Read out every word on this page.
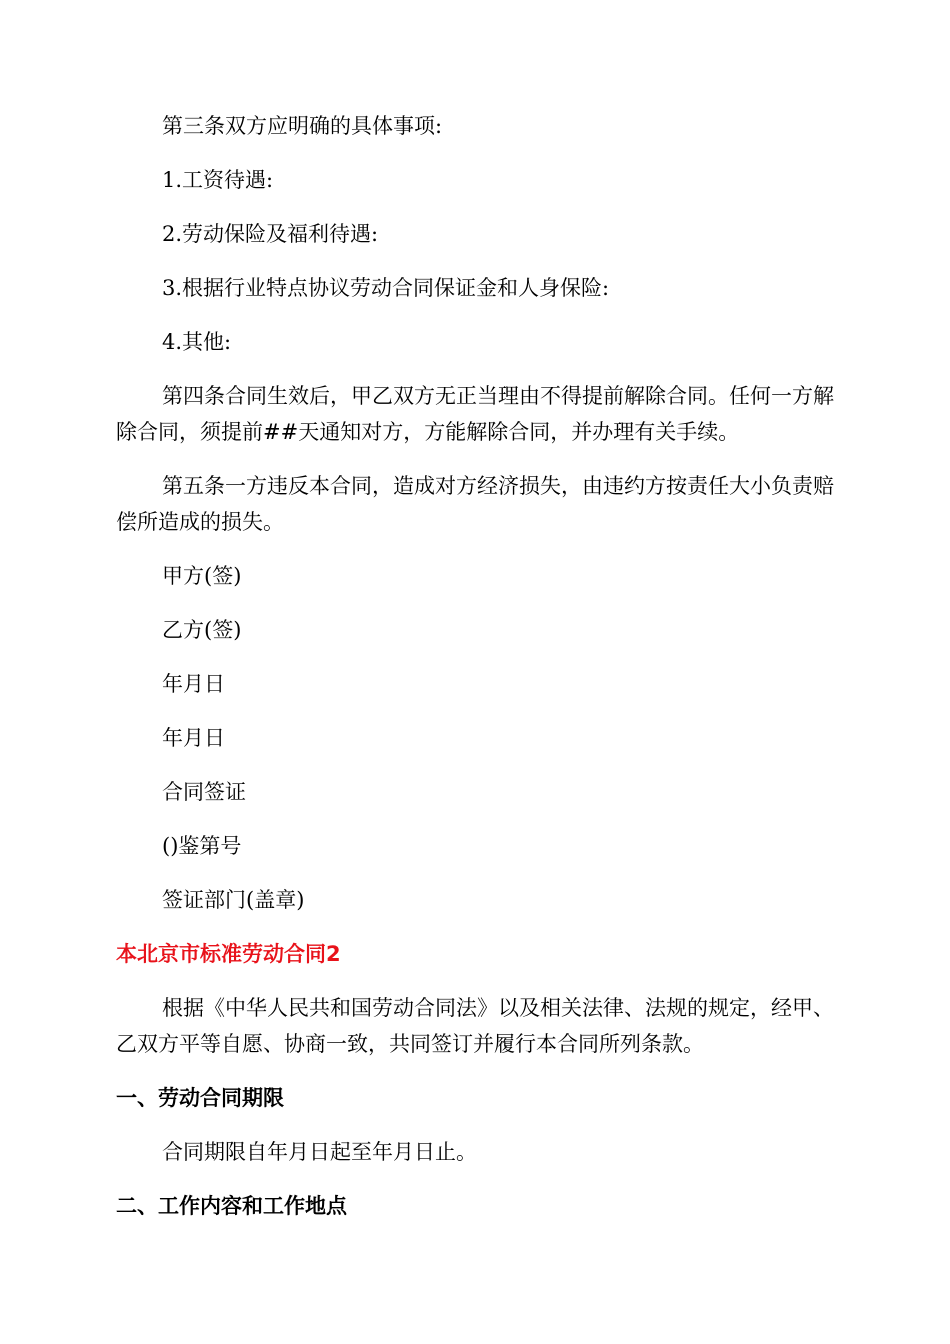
第三条双方应明确的具体事项:

1.工资待遇:

2.劳动保险及福利待遇:

3.根据行业特点协议劳动合同保证金和人身保险:

4.其他:

第四条合同生效后，甲乙双方无正当理由不得提前解除合同。任何一方解除合同，须提前##天通知对方，方能解除合同，并办理有关手续。

第五条一方违反本合同，造成对方经济损失，由违约方按责任大小负责赔偿所造成的损失。

甲方(签)

乙方(签)

年月日

年月日

合同签证

()鉴第号

签证部门(盖章)

本北京市标准劳动合同2

根据《中华人民共和国劳动合同法》以及相关法律、法规的规定，经甲、乙双方平等自愿、协商一致，共同签订并履行本合同所列条款。

一、劳动合同期限

合同期限自年月日起至年月日止。

二、工作内容和工作地点
